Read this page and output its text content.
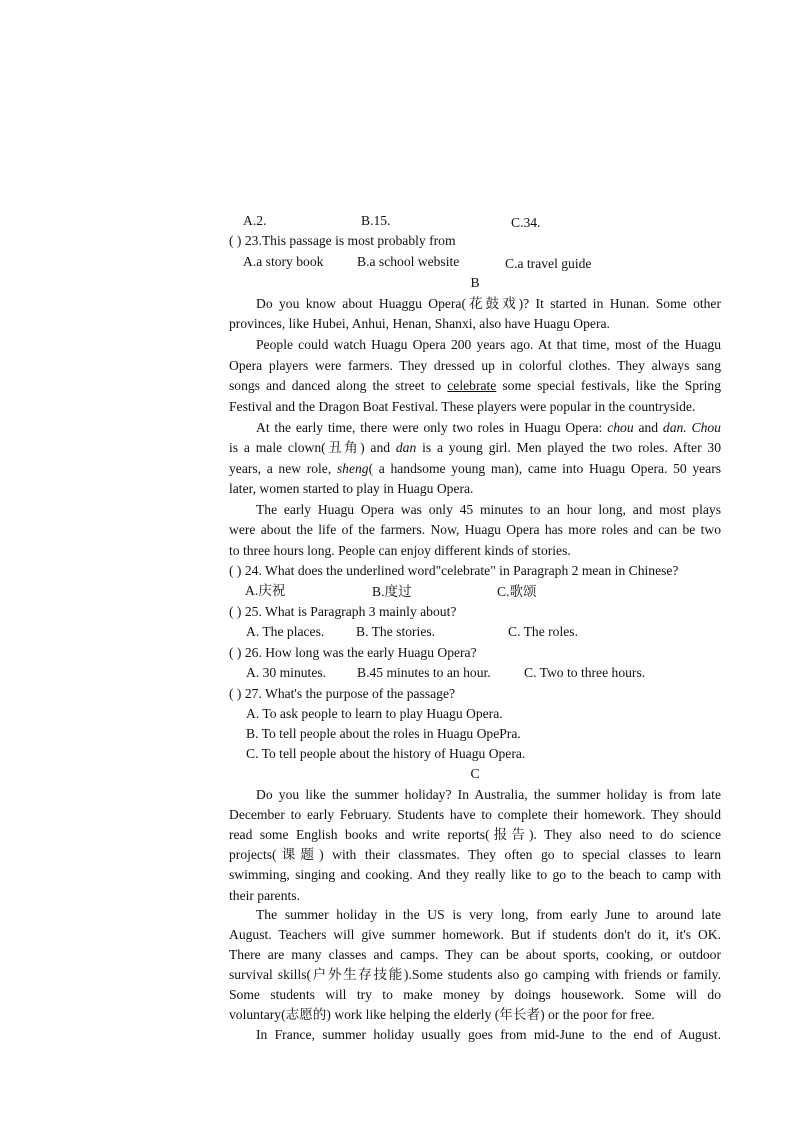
A.2.	B.15.	C.34.
( ) 23.This passage is most probably from
A.a story book B.a school website	C.a travel guide
B
Do you know about Huaggu Opera(花鼓戏)? It started in Hunan. Some other
provinces, like Hubei, Anhui, Henan, Shanxi, also have Huagu Opera.
People could watch Huagu Opera 200 years ago. At that time, most of the Huagu
Opera players were farmers. They dressed up in colorful clothes. They always sang
songs and danced along the street to celebrate some special festivals, like the Spring
Festival and the Dragon Boat Festival. These players were popular in the countryside.
At the early time, there were only two roles in Huagu Opera: chou and dan. Chou
is a male clown(丑角) and dan is a young girl. Men played the two roles. After 30
years, a new role, sheng( a handsome young man), came into Huagu Opera. 50 years
later, women started to play in Huagu Opera.
The early Huagu Opera was only 45 minutes to an hour long, and most plays
were about the life of the farmers. Now, Huagu Opera has more roles and can be two
to three hours long. People can enjoy different kinds of stories.
( ) 24. What does the underlined word"celebrate" in Paragraph 2 mean in Chinese?
A.庆祝	B.度过	C.歌颂
( ) 25. What is Paragraph 3 mainly about?
A. The places. B. The stories.	C. The roles.
( ) 26. How long was the early Huagu Opera?
A. 30 minutes. B.45 minutes to an hour. C. Two to three hours.
( ) 27. What's the purpose of the passage?
A. To ask people to learn to play Huagu Opera.
B. To tell people about the roles in Huagu OpePra.
C. To tell people about the history of Huagu Opera.
C
Do you like the summer holiday? In Australia, the summer holiday is from late
December to early February. Students have to complete their homework. They should
read some English books and write reports(报告). They also need to do science
projects(课题) with their classmates. They often go to special classes to learn
swimming, singing and cooking. And they really like to go to the beach to camp with
their parents.
The summer holiday in the US is very long, from early June to around late
August. Teachers will give summer homework. But if students don't do it, it's OK.
There are many classes and camps. They can be about sports, cooking, or outdoor
survival skills(户外生存技能).Some students also go camping with friends or family.
Some students will try to make money by doings housework. Some will do
voluntary(志愿的) work like helping the elderly (年长者) or the poor for free.
In France, summer holiday usually goes from mid-June to the end of August.
